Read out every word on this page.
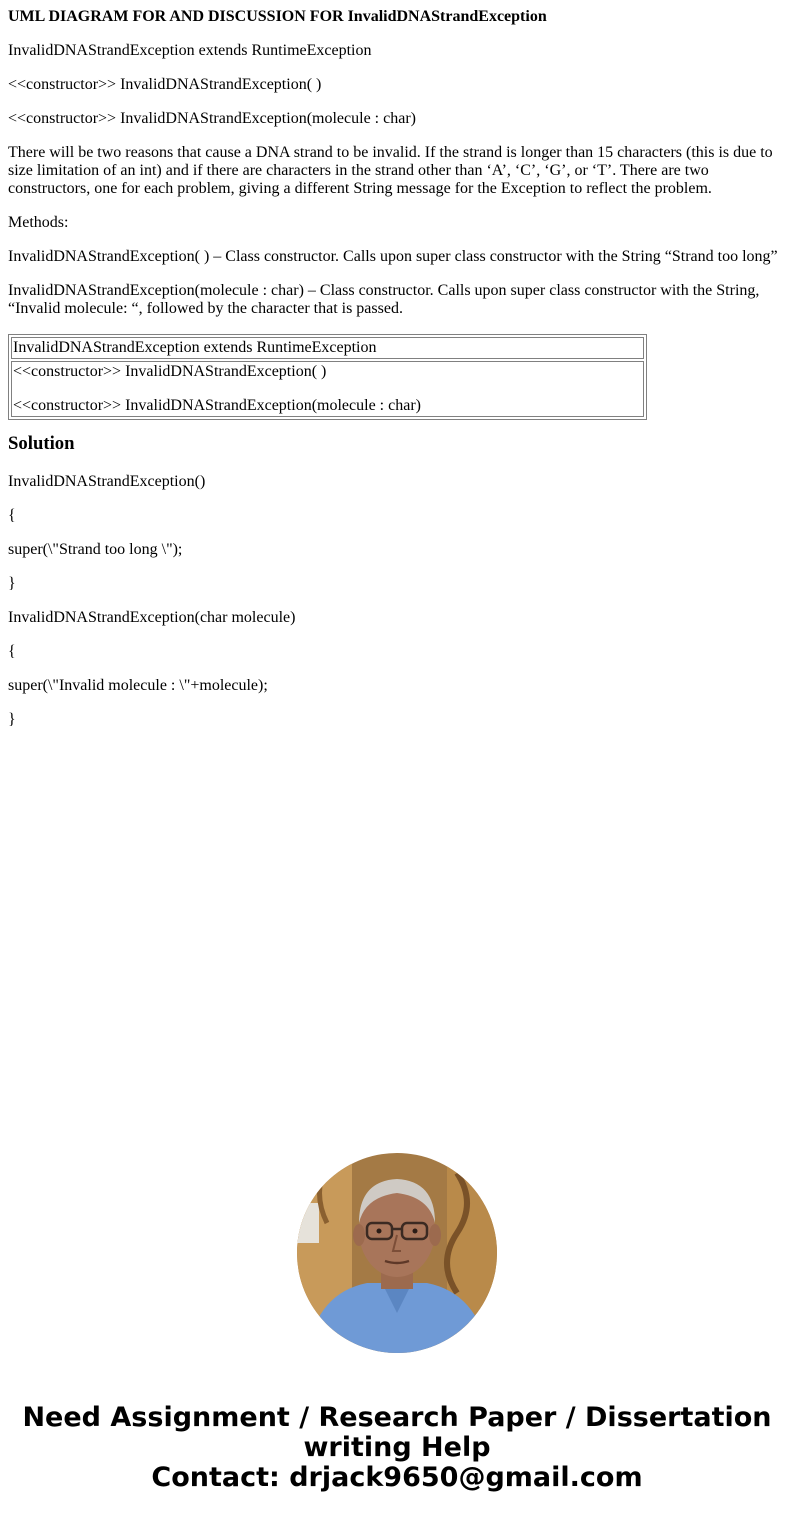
UML DIAGRAM FOR AND DISCUSSION FOR InvalidDNAStrandException

InvalidDNAStrandException extends RuntimeException

<<constructor>> InvalidDNAStrandException( )

<<constructor>> InvalidDNAStrandException(molecule : char)

There will be two reasons that cause a DNA strand to be invalid. If the strand is longer than 15 characters (this is due to size limitation of an int) and if there are characters in the strand other than ‘A’, ‘C’, ‘G’, or ‘T’. There are two constructors, one for each problem, giving a different String message for the Exception to reflect the problem.

Methods:

InvalidDNAStrandException( ) – Class constructor. Calls upon super class constructor with the String “Strand too long”

InvalidDNAStrandException(molecule : char) – Class constructor. Calls upon super class constructor with the String, “Invalid molecule: “, followed by the character that is passed.

InvalidDNAStrandException extends RuntimeException

<<constructor>> InvalidDNAStrandException( )

<<constructor>> InvalidDNAStrandException(molecule : char)

Solution

InvalidDNAStrandException()

{

super(\"Strand too long \");

}

InvalidDNAStrandException(char molecule)

{

super(\"Invalid molecule : \"+molecule);

}

Need Assignment / Research Paper / Dissertation
writing Help
Contact: drjack9650@gmail.com
